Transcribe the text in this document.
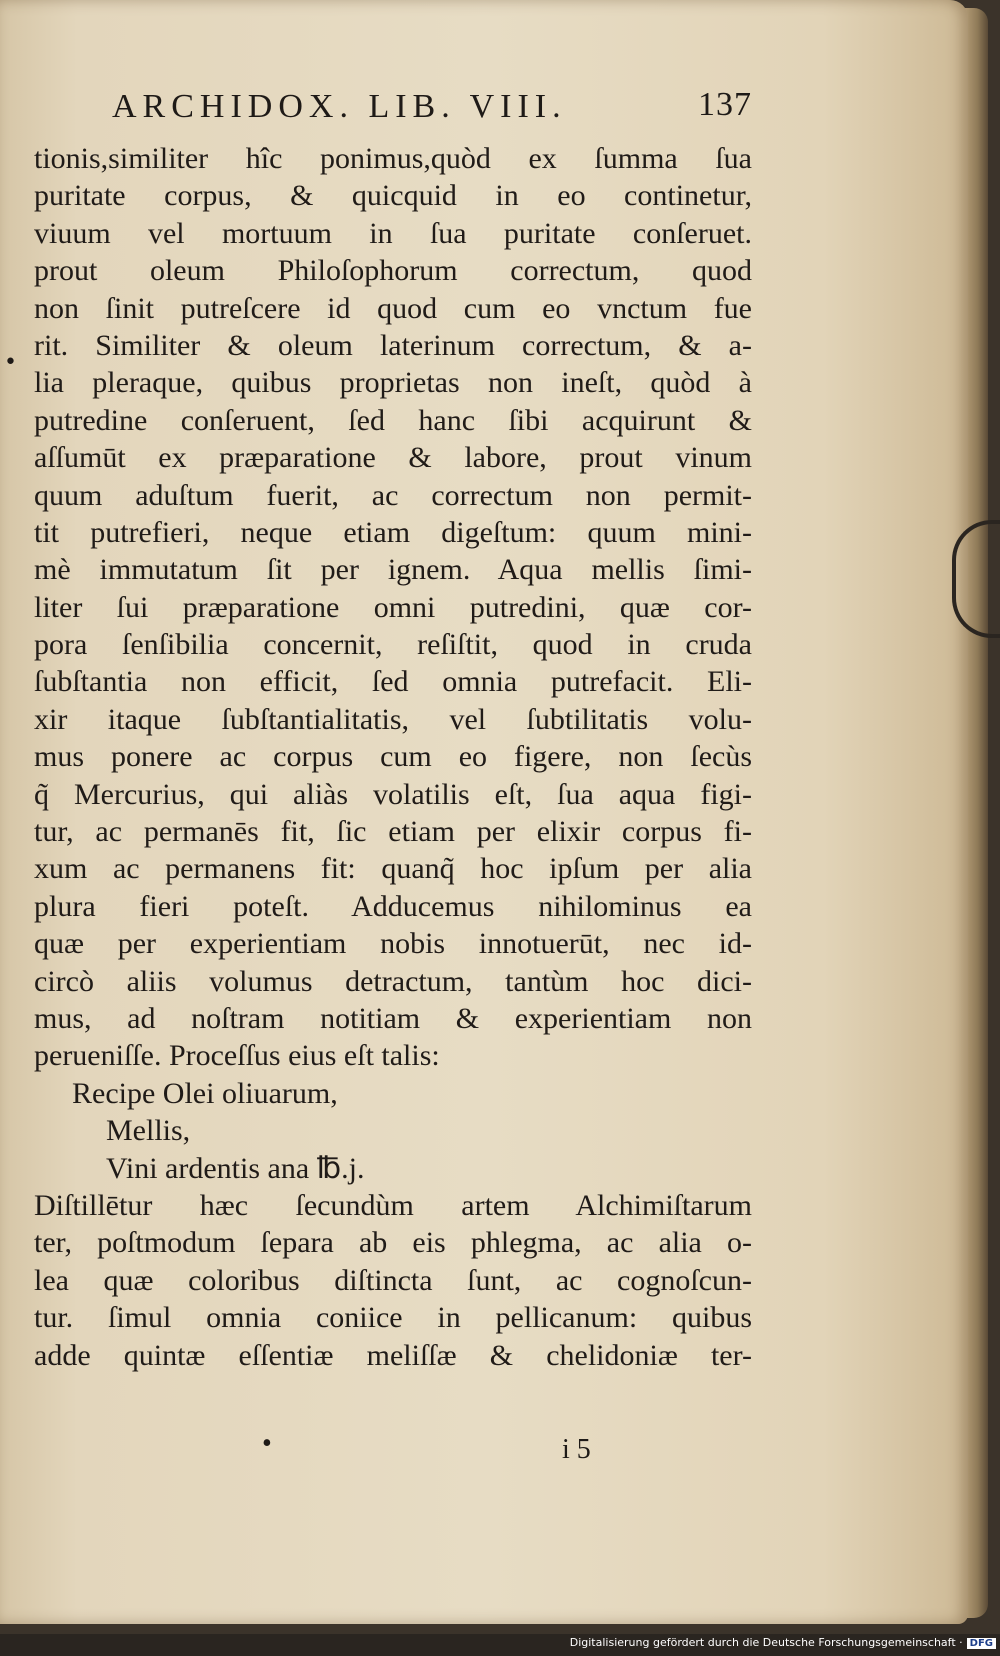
ARCHIDOX. LIB. VIII.	137
•
tionis,similiter hîc ponimus,quòd ex ſumma ſua
puritate corpus, & quicquid in eo continetur,
viuum vel mortuum in ſua puritate conſeruet.
prout oleum Philoſophorum correctum, quod
non ſinit putreſcere id quod cum eo vnctum fue
rit. Similiter & oleum laterinum correctum, & a-
lia pleraque, quibus proprietas non ineſt, quòd à
putredine conſeruent, ſed hanc ſibi acquirunt &
aſſumūt ex præparatione & labore, prout vinum
quum aduſtum fuerit, ac correctum non permit-
tit putrefieri, neque etiam digeſtum: quum mini-
mè immutatum ſit per ignem. Aqua mellis ſimi-
liter ſui præparatione omni putredini, quæ cor-
pora ſenſibilia concernit, reſiſtit, quod in cruda
ſubſtantia non efficit, ſed omnia putrefacit. Eli-
xir itaque ſubſtantialitatis, vel ſubtilitatis volu-
mus ponere ac corpus cum eo figere, non ſecùs
q̃ Mercurius, qui aliàs volatilis eſt, ſua aqua figi-
tur, ac permanēs fit, ſic etiam per elixir corpus fi-
xum ac permanens fit: quanq̃ hoc ipſum per alia
plura fieri poteſt. Adducemus nihilominus ea
quæ per experientiam nobis innotuerūt, nec id-
circò aliis volumus detractum, tantùm hoc dici-
mus, ad noſtram notitiam & experientiam non
perueniſſe. Proceſſus eius eſt talis:
Recipe Olei oliuarum,
Mellis,
Vini ardentis ana ℔.j.
Diſtillētur hæc ſecundùm artem Alchimiſtarum
ter, poſtmodum ſepara ab eis phlegma, ac alia o-
lea quæ coloribus diſtincta ſunt, ac cognoſcun-
tur. ſimul omnia coniice in pellicanum: quibus
adde quintæ eſſentiæ meliſſæ & chelidoniæ ter-
•	i 5
Digitalisierung gefördert durch die Deutsche Forschungsgemeinschaft · DFG
